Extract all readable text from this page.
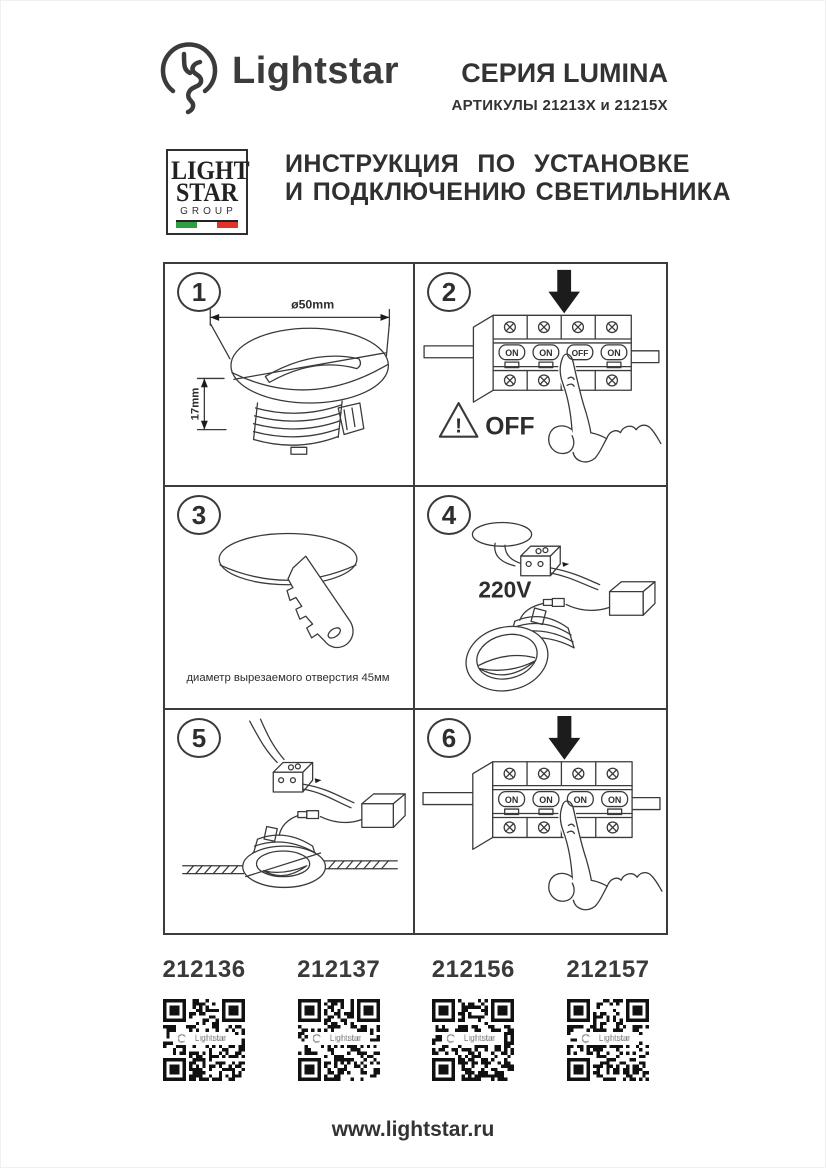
Lightstar СЕРИЯ LUMINA
АРТИКУЛЫ 21213X и 21215X
LIGHT
STAR
GROUP
ИНСТРУКЦИЯ ПО УСТАНОВКЕ
И ПОДКЛЮЧЕНИЮ СВЕТИЛЬНИКА
1	ø50mm
17mm
2
ON ON OFF ON
! OFF
3
диаметр вырезаемого отверстия 45мм
4
220V
5	6
ON ON ON ON
212136 212137 212156 212157
www.lightstar.ru
